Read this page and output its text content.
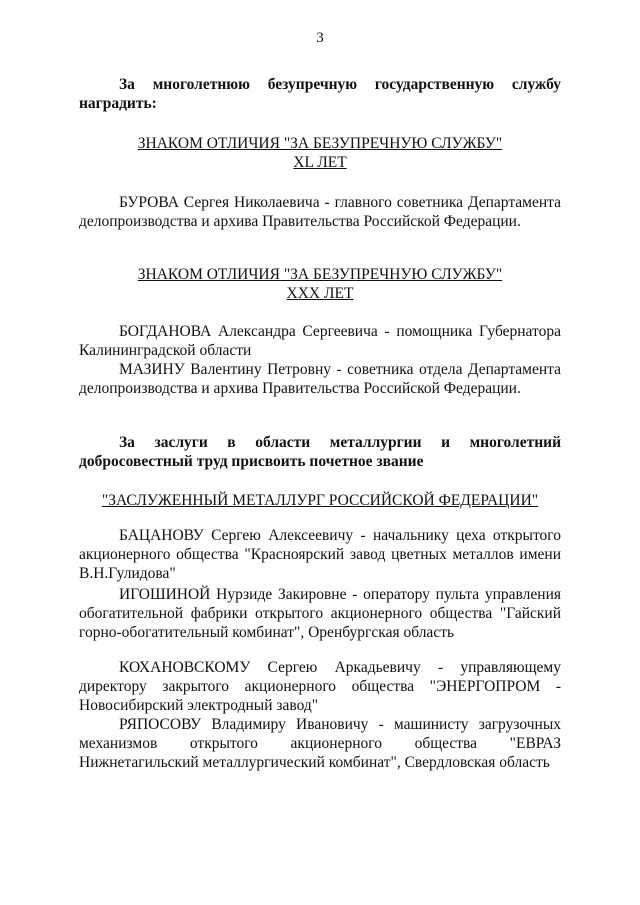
3
За многолетнюю безупречную государственную службу наградить:
ЗНАКОМ ОТЛИЧИЯ "ЗА БЕЗУПРЕЧНУЮ СЛУЖБУ"
XL ЛЕТ
БУРОВА Сергея Николаевича - главного советника Департамента делопроизводства и архива Правительства Российской Федерации.
ЗНАКОМ ОТЛИЧИЯ "ЗА БЕЗУПРЕЧНУЮ СЛУЖБУ"
XXX ЛЕТ
БОГДАНОВА Александра Сергеевича - помощника Губернатора Калининградской области
МАЗИНУ Валентину Петровну - советника отдела Департамента делопроизводства и архива Правительства Российской Федерации.
За заслуги в области металлургии и многолетний добросовестный труд присвоить почетное звание
"ЗАСЛУЖЕННЫЙ МЕТАЛЛУРГ РОССИЙСКОЙ ФЕДЕРАЦИИ"
БАЦАНОВУ Сергею Алексеевичу - начальнику цеха открытого акционерного общества "Красноярский завод цветных металлов имени В.Н.Гулидова"
ИГОШИНОЙ Нурзиде Закировне - оператору пульта управления обогатительной фабрики открытого акционерного общества "Гайский горно-обогатительный комбинат", Оренбургская область
КОХАНОВСКОМУ Сергею Аркадьевичу - управляющему директору закрытого акционерного общества "ЭНЕРГОПРОМ - Новосибирский электродный завод"
РЯПОСОВУ Владимиру Ивановичу - машинисту загрузочных механизмов открытого акционерного общества "ЕВРАЗ Нижнетагильский металлургический комбинат", Свердловская область
